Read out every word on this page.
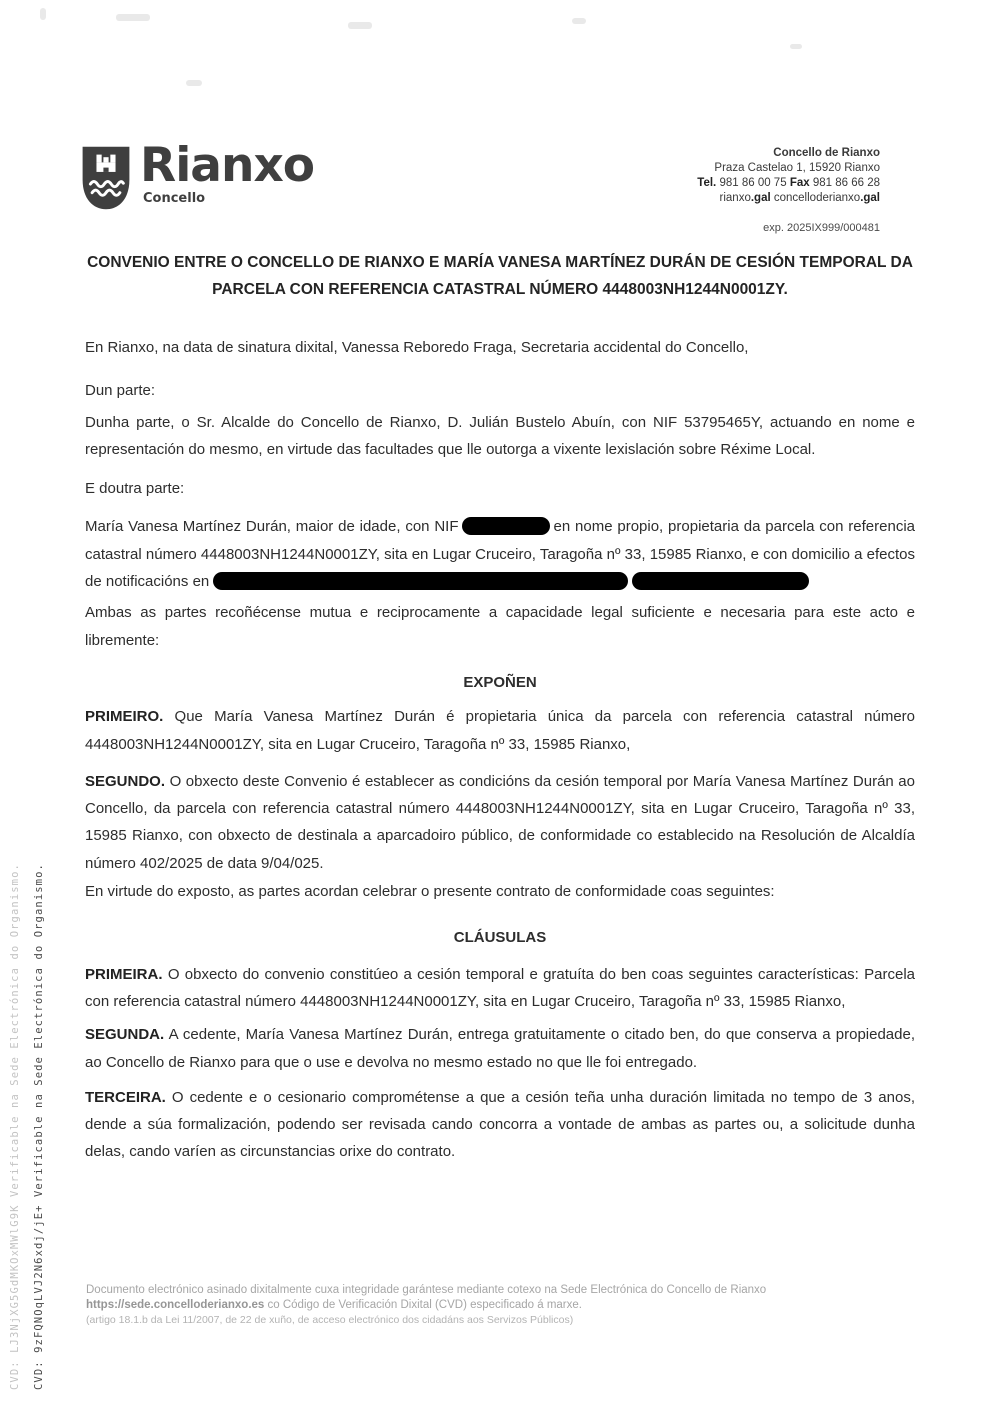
Rianxo
Concello
Concello de Rianxo
Praza Castelao 1, 15920 Rianxo
Tel. 981 86 00 75 Fax 981 86 66 28
rianxo.gal concelloderianxo.gal
exp. 2025IX999/000481
CONVENIO ENTRE O CONCELLO DE RIANXO E MARÍA VANESA MARTÍNEZ DURÁN DE CESIÓN TEMPORAL DA PARCELA CON REFERENCIA CATASTRAL NÚMERO 4448003NH1244N0001ZY.

En Rianxo, na data de sinatura dixital, Vanessa Reboredo Fraga, Secretaria accidental do Concello,

Dun parte:

Dunha parte, o Sr. Alcalde do Concello de Rianxo, D. Julián Bustelo Abuín, con NIF 53795465Y, actuando en nome e representación do mesmo, en virtude das facultades que lle outorga a vixente lexislación sobre Réxime Local.

E doutra parte:

María Vanesa Martínez Durán, maior de idade, con NIF	en nome propio, propietaria da parcela con referencia catastral número 4448003NH1244N0001ZY, sita en Lugar Cruceiro, Taragoña nº 33, 15985 Rianxo, e con domicilio a efectos de notificacións en

Ambas as partes recoñécense mutua e reciprocamente a capacidade legal suficiente e necesaria para este acto e libremente:

EXPOÑEN

PRIMEIRO. Que María Vanesa Martínez Durán é propietaria única da parcela con referencia catastral número 4448003NH1244N0001ZY, sita en Lugar Cruceiro, Taragoña nº 33, 15985 Rianxo,

SEGUNDO. O obxecto deste Convenio é establecer as condicións da cesión temporal por María Vanesa Martínez Durán ao Concello, da parcela con referencia catastral número 4448003NH1244N0001ZY, sita en Lugar Cruceiro, Taragoña nº 33, 15985 Rianxo, con obxecto de destinala a aparcadoiro público, de conformidade co establecido na Resolución de Alcaldía número 402/2025 de data 9/04/025.

En virtude do exposto, as partes acordan celebrar o presente contrato de conformidade coas seguintes:

CLÁUSULAS

PRIMEIRA. O obxecto do convenio constitúeo a cesión temporal e gratuíta do ben coas seguintes características: Parcela con referencia catastral número 4448003NH1244N0001ZY, sita en Lugar Cruceiro, Taragoña nº 33, 15985 Rianxo,

SEGUNDA. A cedente, María Vanesa Martínez Durán, entrega gratuitamente o citado ben, do que conserva a propiedade, ao Concello de Rianxo para que o use e devolva no mesmo estado no que lle foi entregado.

TERCEIRA. O cedente e o cesionario comprométense a que a cesión teña unha duración limitada no tempo de 3 anos, dende a súa formalización, podendo ser revisada cando concorra a vontade de ambas as partes ou, a solicitude dunha delas, cando varíen as circunstancias orixe do contrato.

Documento electrónico asinado dixitalmente cuxa integridade garántese mediante cotexo na Sede Electrónica do Concello de Rianxo
https://sede.concelloderianxo.es co Código de Verificación Dixital (CVD) especificado á marxe.
(artigo 18.1.b da Lei 11/2007, de 22 de xuño, de acceso electrónico dos cidadáns aos Servizos Públicos)
CVD: LJ3NjXG5GdMKOxMWlG9K Verificable na Sede Electrónica do Organismo. CVD: 9zFQNOqLVJ2N6xdj/jE+ Verificable na Sede Electrónica do Organismo.
